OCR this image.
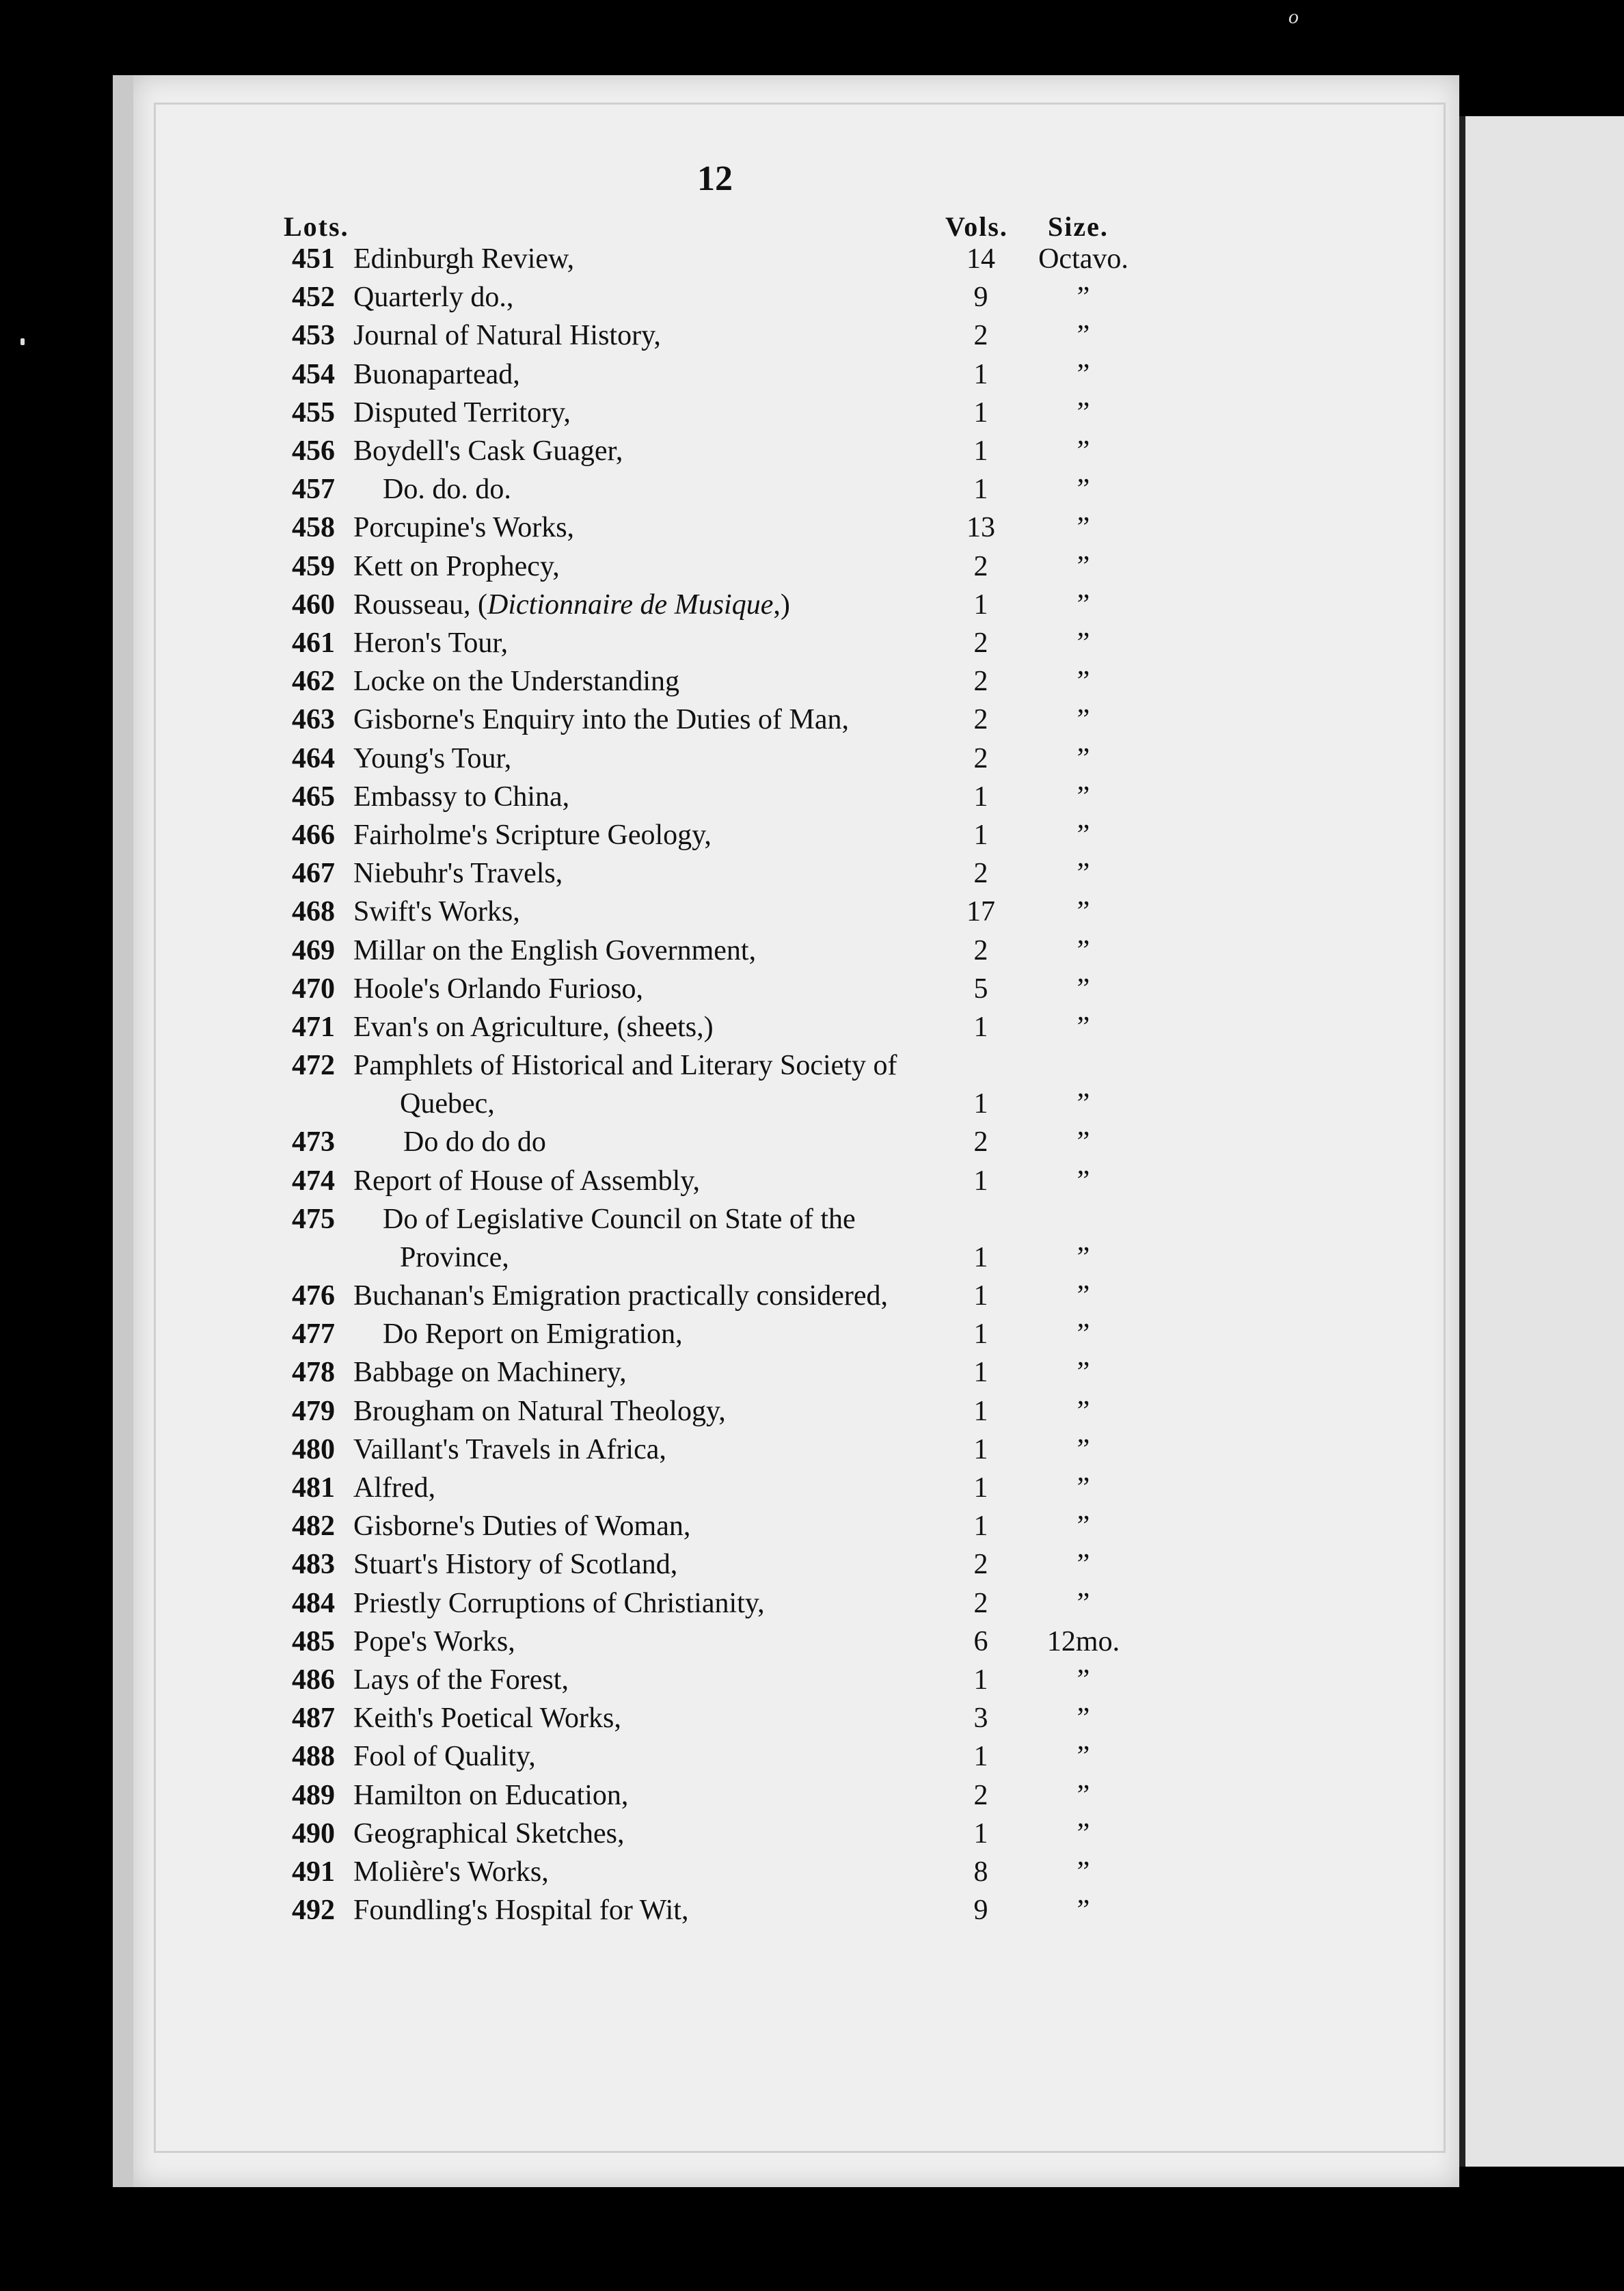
o
12
Lots.	Vols. Size.
451 Edinburgh Review,	14	Octavo.
452 Quarterly do.,	9	”
453 Journal of Natural History,	2	”
454 Buonapartead,	1	”
455 Disputed Territory,	1	”
456 Boydell's Cask Guager,	1	”
457 Do. do. do.	1	”
458 Porcupine's Works,	13	”
459 Kett on Prophecy,	2	”
460 Rousseau, (Dictionnaire de Musique,)	1	”
461 Heron's Tour,	2	”
462 Locke on the Understanding	2	”
463 Gisborne's Enquiry into the Duties of Man,	2	”
464 Young's Tour,	2	”
465 Embassy to China,	1	”
466 Fairholme's Scripture Geology,	1	”
467 Niebuhr's Travels,	2	”
468 Swift's Works,	17	”
469 Millar on the English Government,	2	”
470 Hoole's Orlando Furioso,	5	”
471 Evan's on Agriculture, (sheets,)	1	”
472 Pamphlets of Historical and Literary Society of
Quebec,	1	”
473 Do do do do	2	”
474 Report of House of Assembly,	1	”
475 Do of Legislative Council on State of the
Province,	1	”
476 Buchanan's Emigration practically considered,	1	”
477 Do Report on Emigration,	1	”
478 Babbage on Machinery,	1	”
479 Brougham on Natural Theology,	1	”
480 Vaillant's Travels in Africa,	1	”
481 Alfred,	1	”
482 Gisborne's Duties of Woman,	1	”
483 Stuart's History of Scotland,	2	”
484 Priestly Corruptions of Christianity,	2	”
485 Pope's Works,	6	12mo.
486 Lays of the Forest,	1	”
487 Keith's Poetical Works,	3	”
488 Fool of Quality,	1	”
489 Hamilton on Education,	2	”
490 Geographical Sketches,	1	”
491 Molière's Works,	8	”
492 Foundling's Hospital for Wit,	9	”
